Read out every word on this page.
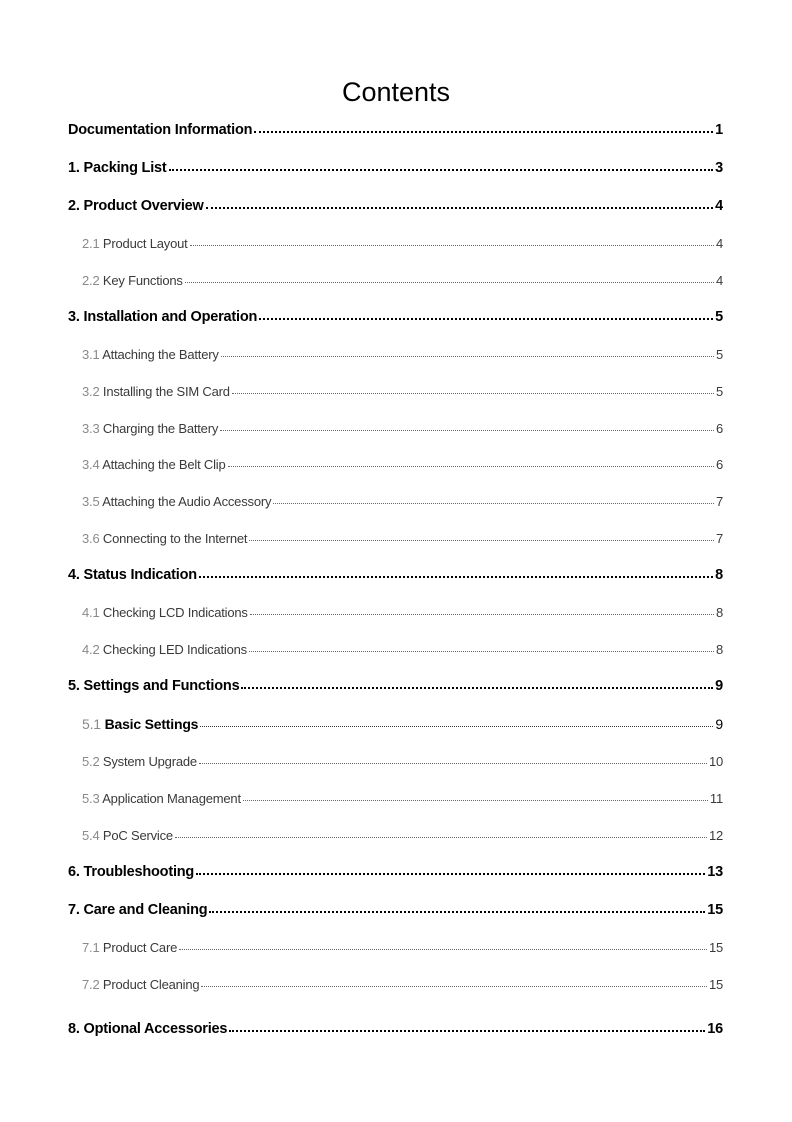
Contents
Documentation Information	1
1. Packing List	3
2. Product Overview	4
2.1 Product Layout	4
2.2 Key Functions	4
3. Installation and Operation	5
3.1 Attaching the Battery	5
3.2 Installing the SIM Card	5
3.3 Charging the Battery	6
3.4 Attaching the Belt Clip	6
3.5 Attaching the Audio Accessory	7
3.6 Connecting to the Internet	7
4. Status Indication	8
4.1 Checking LCD Indications	8
4.2 Checking LED Indications	8
5. Settings and Functions	9
5.1 Basic Settings	9
5.2 System Upgrade	10
5.3 Application Management	11
5.4 PoC Service	12
6. Troubleshooting	13
7. Care and Cleaning	15
7.1 Product Care	15
7.2 Product Cleaning	15
8. Optional Accessories	16
